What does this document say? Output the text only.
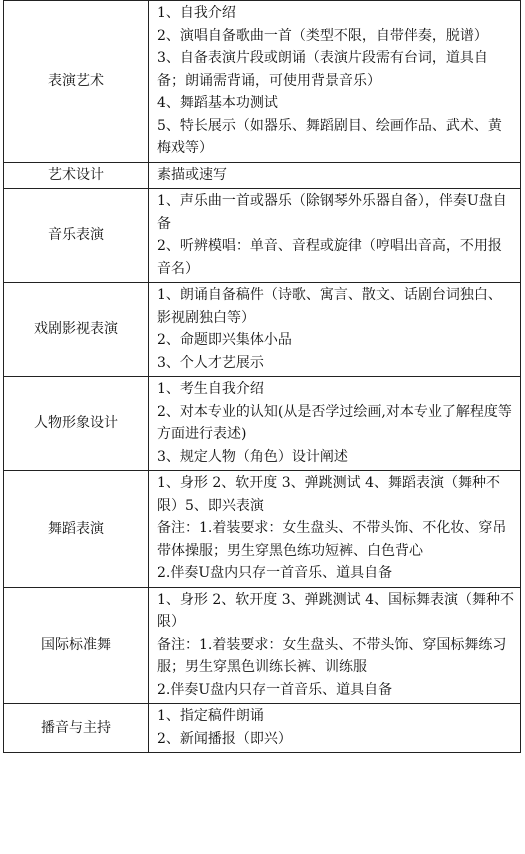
表演艺术	1、自我介绍
2、演唱自备歌曲一首（类型不限，自带伴奏，脱谱）
3、自备表演片段或朗诵（表演片段需有台词，道具自备；朗诵需背诵，可使用背景音乐）
4、舞蹈基本功测试
5、特长展示（如器乐、舞蹈剧目、绘画作品、武术、黄梅戏等）

艺术设计	素描或速写

音乐表演	1、声乐曲一首或器乐（除钢琴外乐器自备），伴奏U盘自备
2、听辨模唱：单音、音程或旋律（哼唱出音高，不用报音名）

戏剧影视表演	1、朗诵自备稿件（诗歌、寓言、散文、话剧台词独白、影视剧独白等）
2、命题即兴集体小品
3、个人才艺展示

人物形象设计	1、考生自我介绍
2、对本专业的认知(从是否学过绘画,对本专业了解程度等方面进行表述)
3、规定人物（角色）设计阐述

舞蹈表演	1、身形 2、软开度 3、弹跳测试 4、舞蹈表演（舞种不限）5、即兴表演
备注：1.着装要求：女生盘头、不带头饰、不化妆、穿吊带体操服；男生穿黑色练功短裤、白色背心
2.伴奏U盘内只存一首音乐、道具自备

国际标准舞	1、身形 2、软开度 3、弹跳测试 4、国标舞表演（舞种不限）
备注：1.着装要求：女生盘头、不带头饰、穿国标舞练习服；男生穿黑色训练长裤、训练服
2.伴奏U盘内只存一首音乐、道具自备

播音与主持	1、指定稿件朗诵
2、新闻播报（即兴）
